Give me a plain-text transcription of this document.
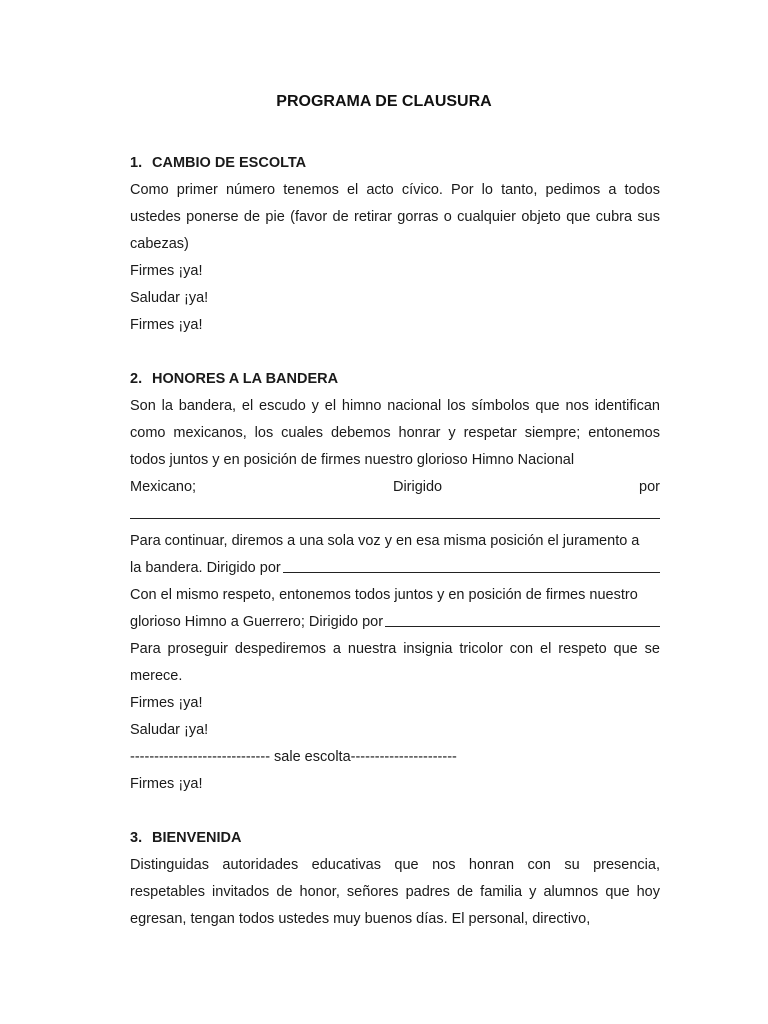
PROGRAMA DE CLAUSURA
1. CAMBIO DE ESCOLTA

Como primer número tenemos el acto cívico. Por lo tanto, pedimos a todos ustedes ponerse de pie (favor de retirar gorras o cualquier objeto que cubra sus cabezas)

Firmes ¡ya!
Saludar ¡ya!
Firmes ¡ya!
2. HONORES A LA BANDERA

Son la bandera, el escudo y el himno nacional los símbolos que nos identifican como mexicanos, los cuales debemos honrar y respetar siempre; entonemos todos juntos y en posición de firmes nuestro glorioso Himno Nacional

Mexicano;	Dirigido	por
Para continuar, diremos a una sola voz y en esa misma posición el juramento a
la bandera. Dirigido por
Con el mismo respeto, entonemos todos juntos y en posición de firmes nuestro
glorioso Himno a Guerrero; Dirigido por

Para proseguir despediremos a nuestra insignia tricolor con el respeto que se merece.

Firmes ¡ya!
Saludar ¡ya!
----------------------------- sale escolta----------------------
Firmes ¡ya!
3. BIENVENIDA

Distinguidas autoridades educativas que nos honran con su presencia, respetables invitados de honor, señores padres de familia y alumnos que hoy egresan, tengan todos ustedes muy buenos días. El personal, directivo,
